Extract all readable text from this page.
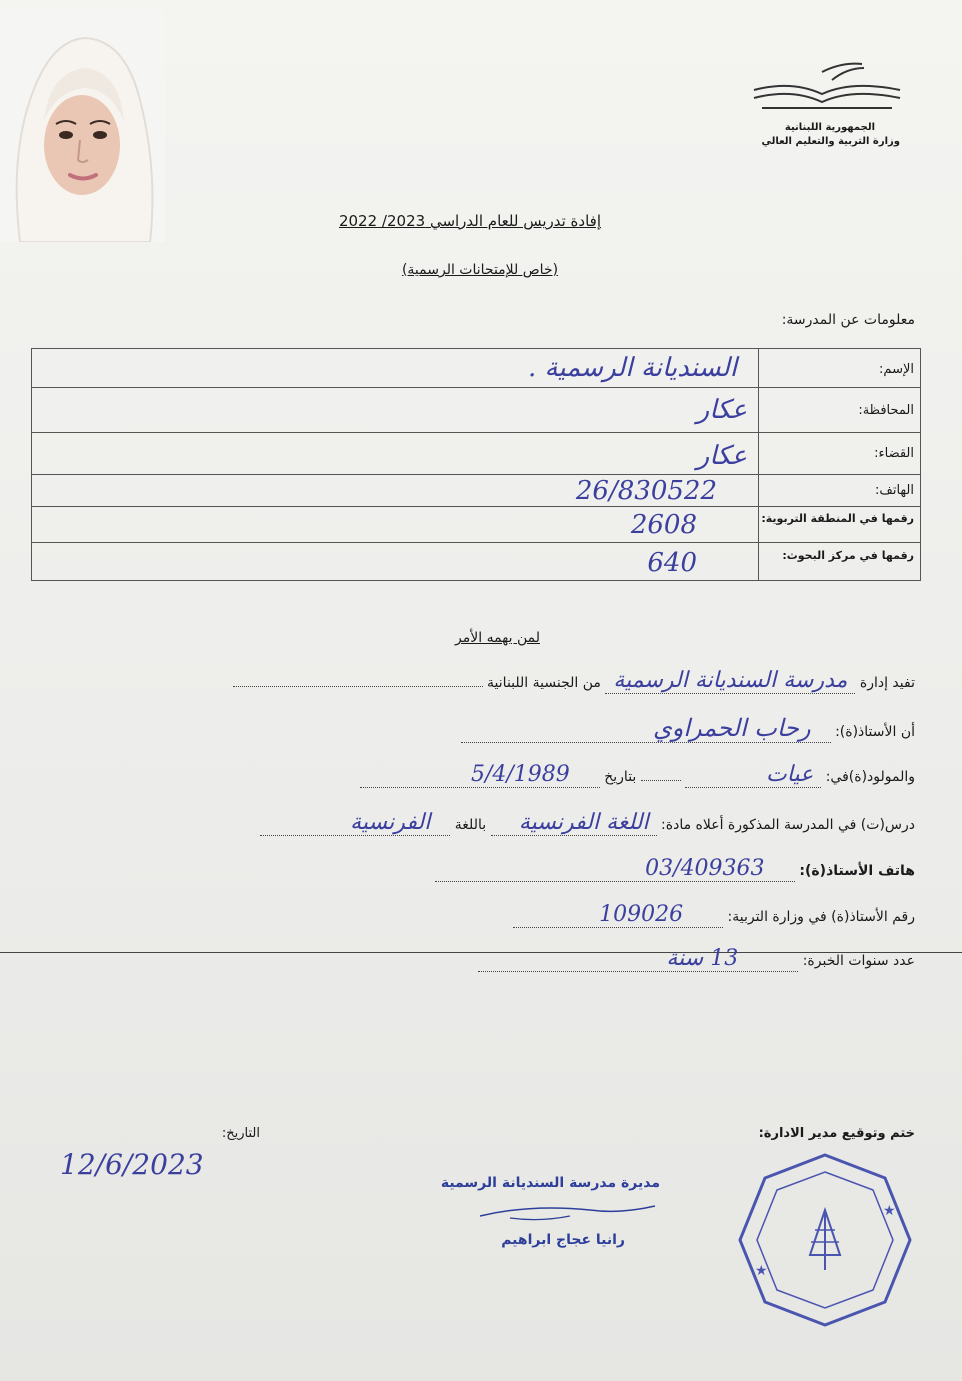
الجمهورية اللبنانية
وزارة التربية والتعليم العالي
إفادة تدريس للعام الدراسي 2023/ 2022
(خاص للإمتحانات الرسمية)
معلومات عن المدرسة:
السنديانة الرسمية .	الإسم:
عكار	المحافظة:
عكار	القضاء:
26/830522	الهاتف:
2608	رقمها في المنطقة التربوية:
640	رقمها في مركز البحوث:
لمن يهمه الأمر
تفيد إدارة مدرسة السنديانة الرسمية من الجنسية اللبنانية
أن الأستاذ(ة): رحاب الحمراوي
والمولود(ة)في: عيات  بتاريخ 5/4/1989
درس(ت) في المدرسة المذكورة أعلاه مادة: اللغة الفرنسية باللغة الفرنسية
هاتف الأستاذ(ة): 03/409363
رقم الأستاذ(ة) في وزارة التربية: 109026
عدد سنوات الخبرة: 13 سنة
ختم وتوقيع مدير الادارة:
التاريخ:
12/6/2023
مديرة مدرسة السنديانة الرسمية
رانيا عجاج ابراهيم
★
★
